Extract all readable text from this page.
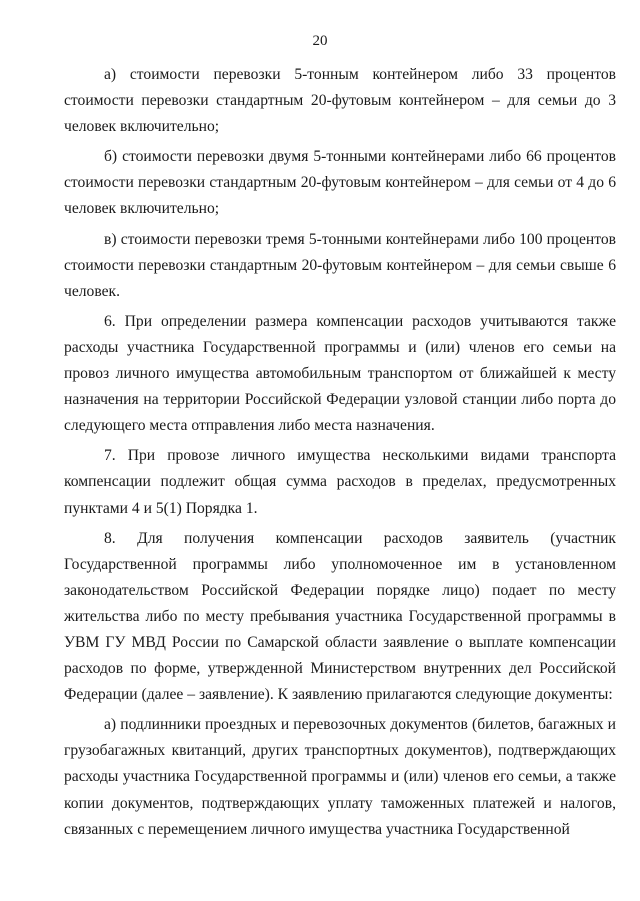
20

а) стоимости перевозки 5-тонным контейнером либо 33 процентов стоимости перевозки стандартным 20-футовым контейнером – для семьи до 3 человек включительно;

б) стоимости перевозки двумя 5-тонными контейнерами либо 66 процентов стоимости перевозки стандартным 20-футовым контейнером – для семьи от 4 до 6 человек включительно;

в) стоимости перевозки тремя 5-тонными контейнерами либо 100 процентов стоимости перевозки стандартным 20-футовым контейнером – для семьи свыше 6 человек.

6. При определении размера компенсации расходов учитываются также расходы участника Государственной программы и (или) членов его семьи на провоз личного имущества автомобильным транспортом от ближайшей к месту назначения на территории Российской Федерации узловой станции либо порта до следующего места отправления либо места назначения.

7. При провозе личного имущества несколькими видами транспорта компенсации подлежит общая сумма расходов в пределах, предусмотренных пунктами 4 и 5(1) Порядка 1.

8. Для получения компенсации расходов заявитель (участник Государственной программы либо уполномоченное им в установленном законодательством Российской Федерации порядке лицо) подает по месту жительства либо по месту пребывания участника Государственной программы в УВМ ГУ МВД России по Самарской области заявление о выплате компенсации расходов по форме, утвержденной Министерством внутренних дел Российской Федерации (далее – заявление). К заявлению прилагаются следующие документы:

а) подлинники проездных и перевозочных документов (билетов, багажных и грузобагажных квитанций, других транспортных документов), подтверждающих расходы участника Государственной программы и (или) членов его семьи, а также копии документов, подтверждающих уплату таможенных платежей и налогов, связанных с перемещением личного имущества участника Государственной
